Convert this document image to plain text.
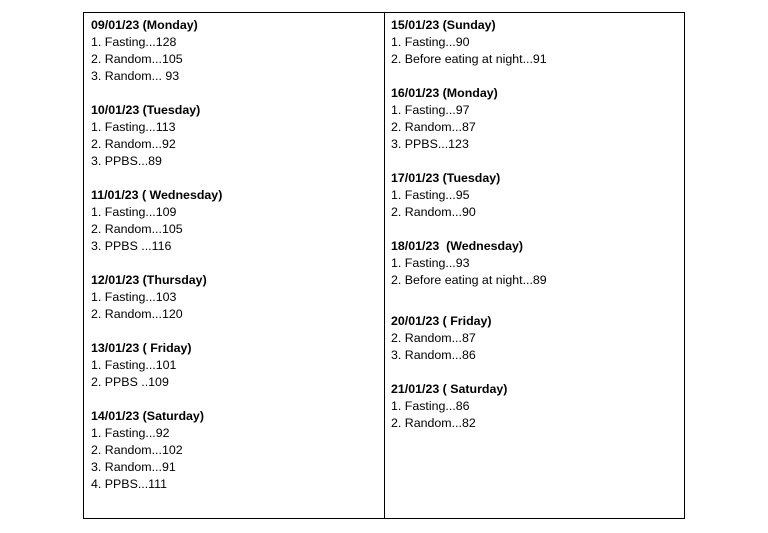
09/01/23 (Monday)
1. Fasting...128
2. Random...105
3. Random... 93
10/01/23 (Tuesday)
1. Fasting...113
2. Random...92
3. PPBS...89
11/01/23 ( Wednesday)
1. Fasting...109
2. Random...105
3. PPBS ...116
12/01/23 (Thursday)
1. Fasting...103
2. Random...120
13/01/23 ( Friday)
1. Fasting...101
2. PPBS ..109
14/01/23 (Saturday)
1. Fasting...92
2. Random...102
3. Random...91
4. PPBS...111
15/01/23 (Sunday)
1. Fasting...90
2. Before eating at night...91
16/01/23 (Monday)
1. Fasting...97
2. Random...87
3. PPBS...123
17/01/23 (Tuesday)
1. Fasting...95
2. Random...90
18/01/23  (Wednesday)
1. Fasting...93
2. Before eating at night...89
20/01/23 ( Friday)
2. Random...87
3. Random...86
21/01/23 ( Saturday)
1. Fasting...86
2. Random...82
